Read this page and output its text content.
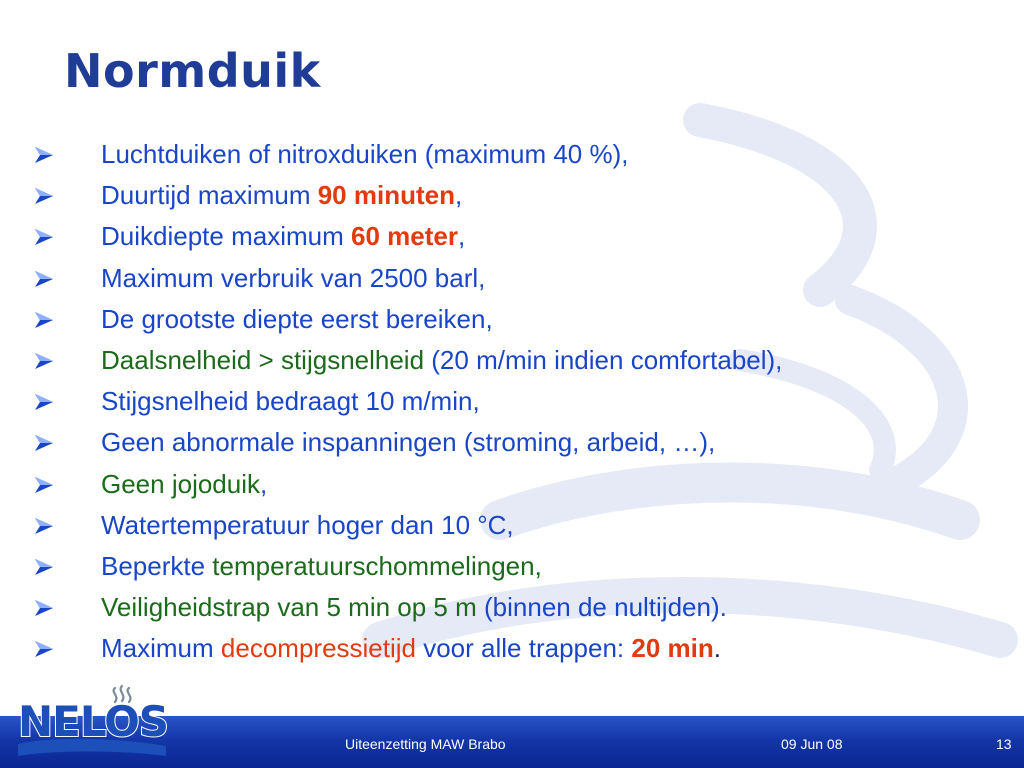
Normduik
Luchtduiken of nitroxduiken (maximum 40 %),
Duurtijd maximum 90 minuten,
Duikdiepte maximum 60 meter,
Maximum verbruik van 2500 barl,
De grootste diepte eerst bereiken,
Daalsnelheid > stijgsnelheid (20 m/min indien comfortabel),
Stijgsnelheid bedraagt 10 m/min,
Geen abnormale inspanningen (stroming, arbeid, …),
Geen jojoduik,
Watertemperatuur hoger dan 10 °C,
Beperkte temperatuurschommelingen,
Veiligheidstrap van 5 min op 5 m (binnen de nultijden).
Maximum decompressietijd voor alle trappen: 20 min.
Uiteenzetting MAW Brabo	09 Jun 08	13
NELOS
